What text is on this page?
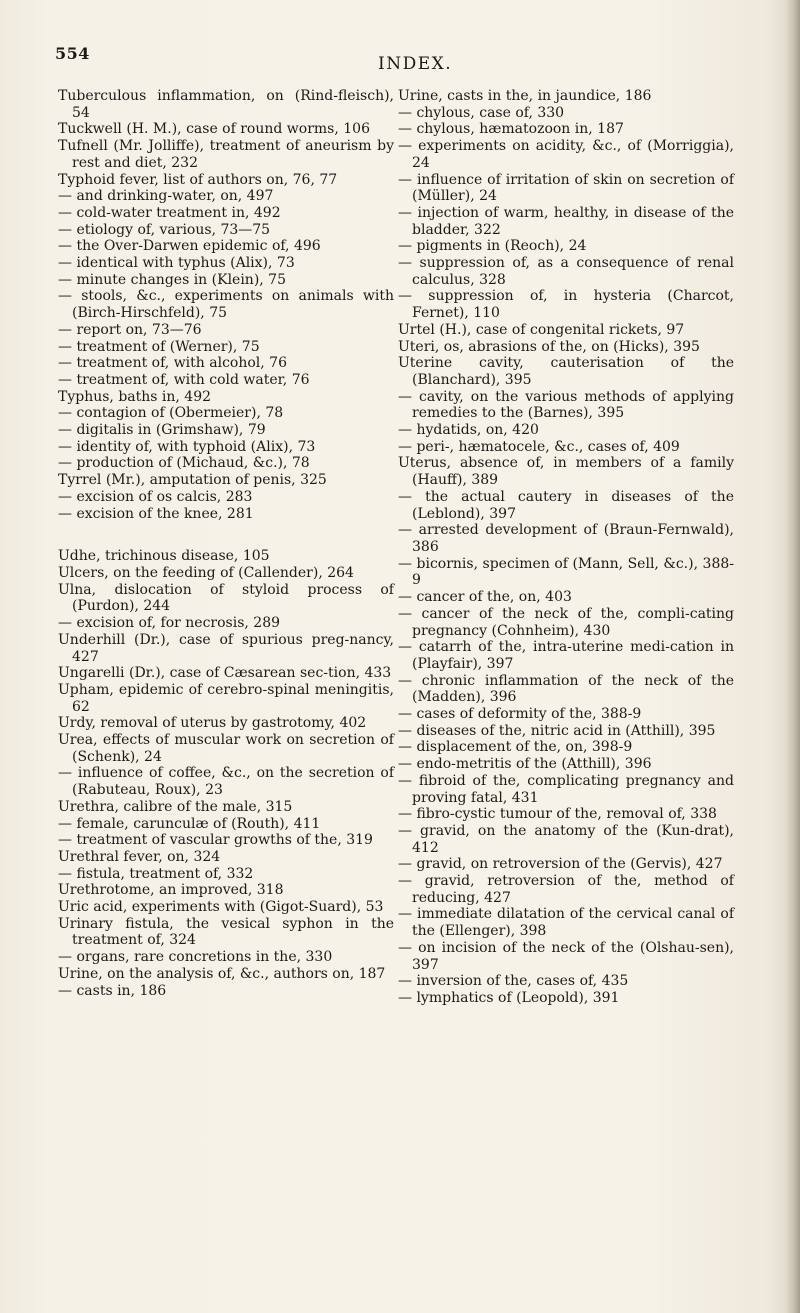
554
INDEX.
Tuberculous inflammation, on (Rind-fleisch), 54
Tuckwell (H. M.), case of round worms, 106
Tufnell (Mr. Jolliffe), treatment of aneurism by rest and diet, 232
Typhoid fever, list of authors on, 76, 77
— and drinking-water, on, 497
— cold-water treatment in, 492
— etiology of, various, 73—75
— the Over-Darwen epidemic of, 496
— identical with typhus (Alix), 73
— minute changes in (Klein), 75
— stools, &c., experiments on animals with (Birch-Hirschfeld), 75
— report on, 73—76
— treatment of (Werner), 75
— treatment of, with alcohol, 76
— treatment of, with cold water, 76
Typhus, baths in, 492
— contagion of (Obermeier), 78
— digitalis in (Grimshaw), 79
— identity of, with typhoid (Alix), 73
— production of (Michaud, &c.), 78
Tyrrel (Mr.), amputation of penis, 325
— excision of os calcis, 283
— excision of the knee, 281
Udhe, trichinous disease, 105
Ulcers, on the feeding of (Callender), 264
Ulna, dislocation of styloid process of (Purdon), 244
— excision of, for necrosis, 289
Underhill (Dr.), case of spurious preg-nancy, 427
Ungarelli (Dr.), case of Cæsarean sec-tion, 433
Upham, epidemic of cerebro-spinal meningitis, 62
Urdy, removal of uterus by gastrotomy, 402
Urea, effects of muscular work on secretion of (Schenk), 24
— influence of coffee, &c., on the secretion of (Rabuteau, Roux), 23
Urethra, calibre of the male, 315
— female, carunculæ of (Routh), 411
— treatment of vascular growths of the, 319
Urethral fever, on, 324
— fistula, treatment of, 332
Urethrotome, an improved, 318
Uric acid, experiments with (Gigot-Suard), 53
Urinary fistula, the vesical syphon in the treatment of, 324
— organs, rare concretions in the, 330
Urine, on the analysis of, &c., authors on, 187
— casts in, 186
Urine, casts in the, in jaundice, 186
— chylous, case of, 330
— chylous, hæmatozoon in, 187
— experiments on acidity, &c., of (Morriggia), 24
— influence of irritation of skin on secretion of (Müller), 24
— injection of warm, healthy, in disease of the bladder, 322
— pigments in (Reoch), 24
— suppression of, as a consequence of renal calculus, 328
— suppression of, in hysteria (Charcot, Fernet), 110
Urtel (H.), case of congenital rickets, 97
Uteri, os, abrasions of the, on (Hicks), 395
Uterine cavity, cauterisation of the (Blanchard), 395
— cavity, on the various methods of applying remedies to the (Barnes), 395
— hydatids, on, 420
— peri-, hæmatocele, &c., cases of, 409
Uterus, absence of, in members of a family (Hauff), 389
— the actual cautery in diseases of the (Leblond), 397
— arrested development of (Braun-Fernwald), 386
— bicornis, specimen of (Mann, Sell, &c.), 388-9
— cancer of the, on, 403
— cancer of the neck of the, compli-cating pregnancy (Cohnheim), 430
— catarrh of the, intra-uterine medi-cation in (Playfair), 397
— chronic inflammation of the neck of the (Madden), 396
— cases of deformity of the, 388-9
— diseases of the, nitric acid in (Atthill), 395
— displacement of the, on, 398-9
— endo-metritis of the (Atthill), 396
— fibroid of the, complicating pregnancy and proving fatal, 431
— fibro-cystic tumour of the, removal of, 338
— gravid, on the anatomy of the (Kun-drat), 412
— gravid, on retroversion of the (Gervis), 427
— gravid, retroversion of the, method of reducing, 427
— immediate dilatation of the cervical canal of the (Ellenger), 398
— on incision of the neck of the (Olshau-sen), 397
— inversion of the, cases of, 435
— lymphatics of (Leopold), 391
